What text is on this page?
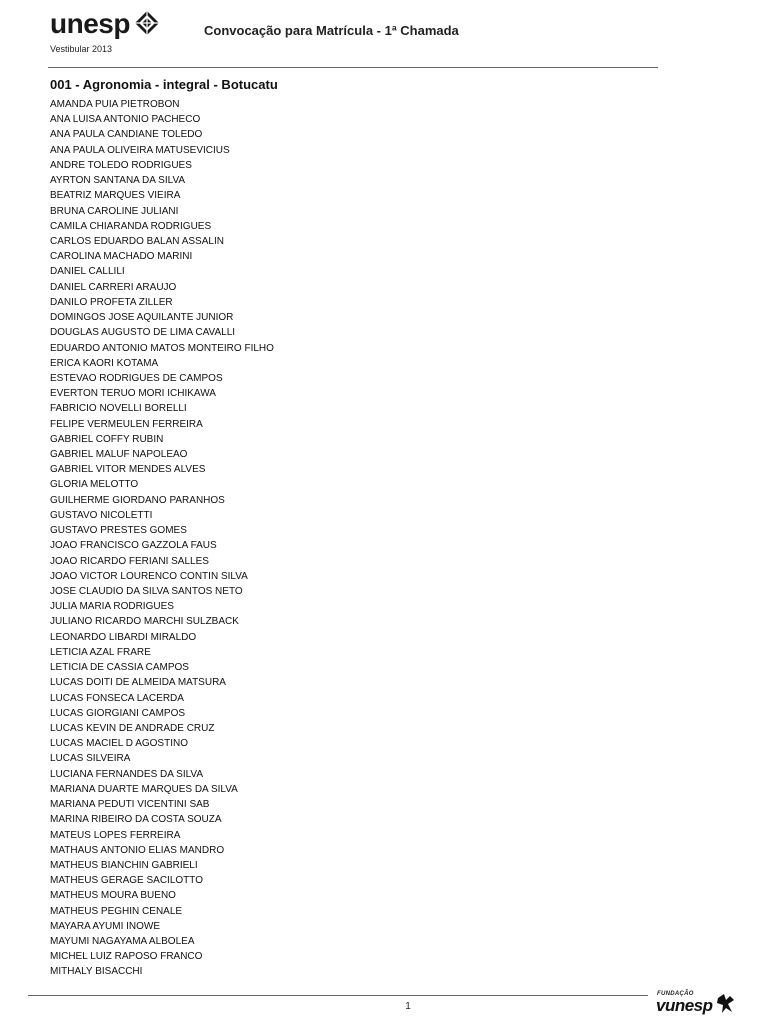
unesp
Vestibular 2013
Convocação para Matrícula - 1ª Chamada
001 - Agronomia - integral - Botucatu
AMANDA PUIA PIETROBON
ANA LUISA ANTONIO PACHECO
ANA PAULA CANDIANE TOLEDO
ANA PAULA OLIVEIRA MATUSEVICIUS
ANDRE TOLEDO RODRIGUES
AYRTON SANTANA DA SILVA
BEATRIZ MARQUES VIEIRA
BRUNA CAROLINE JULIANI
CAMILA CHIARANDA RODRIGUES
CARLOS EDUARDO BALAN ASSALIN
CAROLINA MACHADO MARINI
DANIEL CALLILI
DANIEL CARRERI ARAUJO
DANILO PROFETA ZILLER
DOMINGOS JOSE AQUILANTE JUNIOR
DOUGLAS AUGUSTO DE LIMA CAVALLI
EDUARDO ANTONIO MATOS MONTEIRO FILHO
ERICA KAORI KOTAMA
ESTEVAO RODRIGUES DE CAMPOS
EVERTON TERUO MORI ICHIKAWA
FABRICIO NOVELLI BORELLI
FELIPE VERMEULEN FERREIRA
GABRIEL COFFY RUBIN
GABRIEL MALUF NAPOLEAO
GABRIEL VITOR MENDES ALVES
GLORIA MELOTTO
GUILHERME GIORDANO PARANHOS
GUSTAVO NICOLETTI
GUSTAVO PRESTES GOMES
JOAO FRANCISCO GAZZOLA FAUS
JOAO RICARDO FERIANI SALLES
JOAO VICTOR LOURENCO CONTIN SILVA
JOSE CLAUDIO DA SILVA SANTOS NETO
JULIA MARIA RODRIGUES
JULIANO RICARDO MARCHI SULZBACK
LEONARDO LIBARDI MIRALDO
LETICIA AZAL FRARE
LETICIA DE CASSIA CAMPOS
LUCAS DOITI DE ALMEIDA MATSURA
LUCAS FONSECA LACERDA
LUCAS GIORGIANI CAMPOS
LUCAS KEVIN DE ANDRADE CRUZ
LUCAS MACIEL D AGOSTINO
LUCAS SILVEIRA
LUCIANA FERNANDES DA SILVA
MARIANA DUARTE MARQUES DA SILVA
MARIANA PEDUTI VICENTINI SAB
MARINA RIBEIRO DA COSTA SOUZA
MATEUS LOPES FERREIRA
MATHAUS ANTONIO ELIAS MANDRO
MATHEUS BIANCHIN GABRIELI
MATHEUS GERAGE SACILOTTO
MATHEUS MOURA BUENO
MATHEUS PEGHIN CENALE
MAYARA AYUMI INOWE
MAYUMI NAGAYAMA ALBOLEA
MICHEL LUIZ RAPOSO FRANCO
MITHALY BISACCHI
1
FUNDAÇÃO
vunesp
